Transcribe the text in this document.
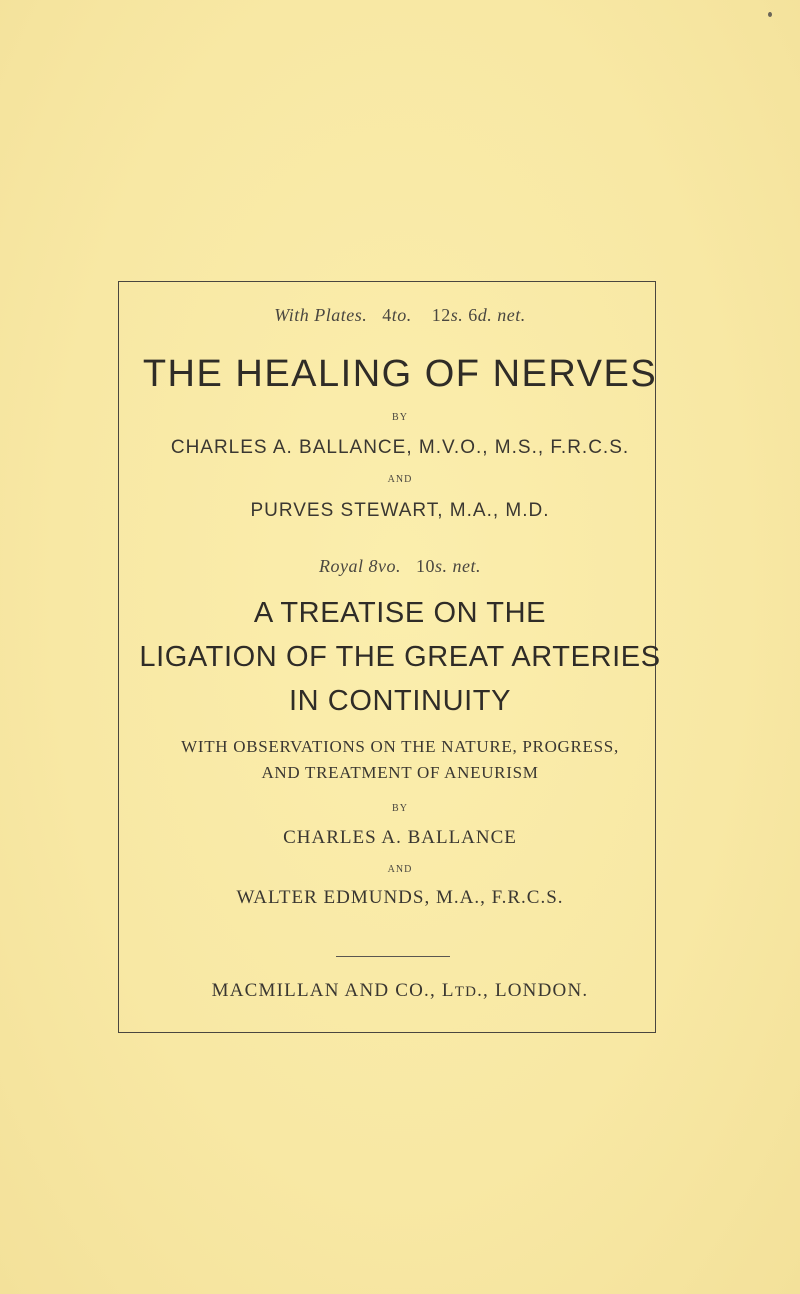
With Plates. 4to. 12s. 6d. net.
THE HEALING OF NERVES
BY
CHARLES A. BALLANCE, M.V.O., M.S., F.R.C.S.
AND
PURVES STEWART, M.A., M.D.
Royal 8vo. 10s. net.
A TREATISE ON THE
LIGATION OF THE GREAT ARTERIES
IN CONTINUITY
WITH OBSERVATIONS ON THE NATURE, PROGRESS,
AND TREATMENT OF ANEURISM
BY
CHARLES A. BALLANCE
AND
WALTER EDMUNDS, M.A., F.R.C.S.
MACMILLAN AND CO., LTD., LONDON.
